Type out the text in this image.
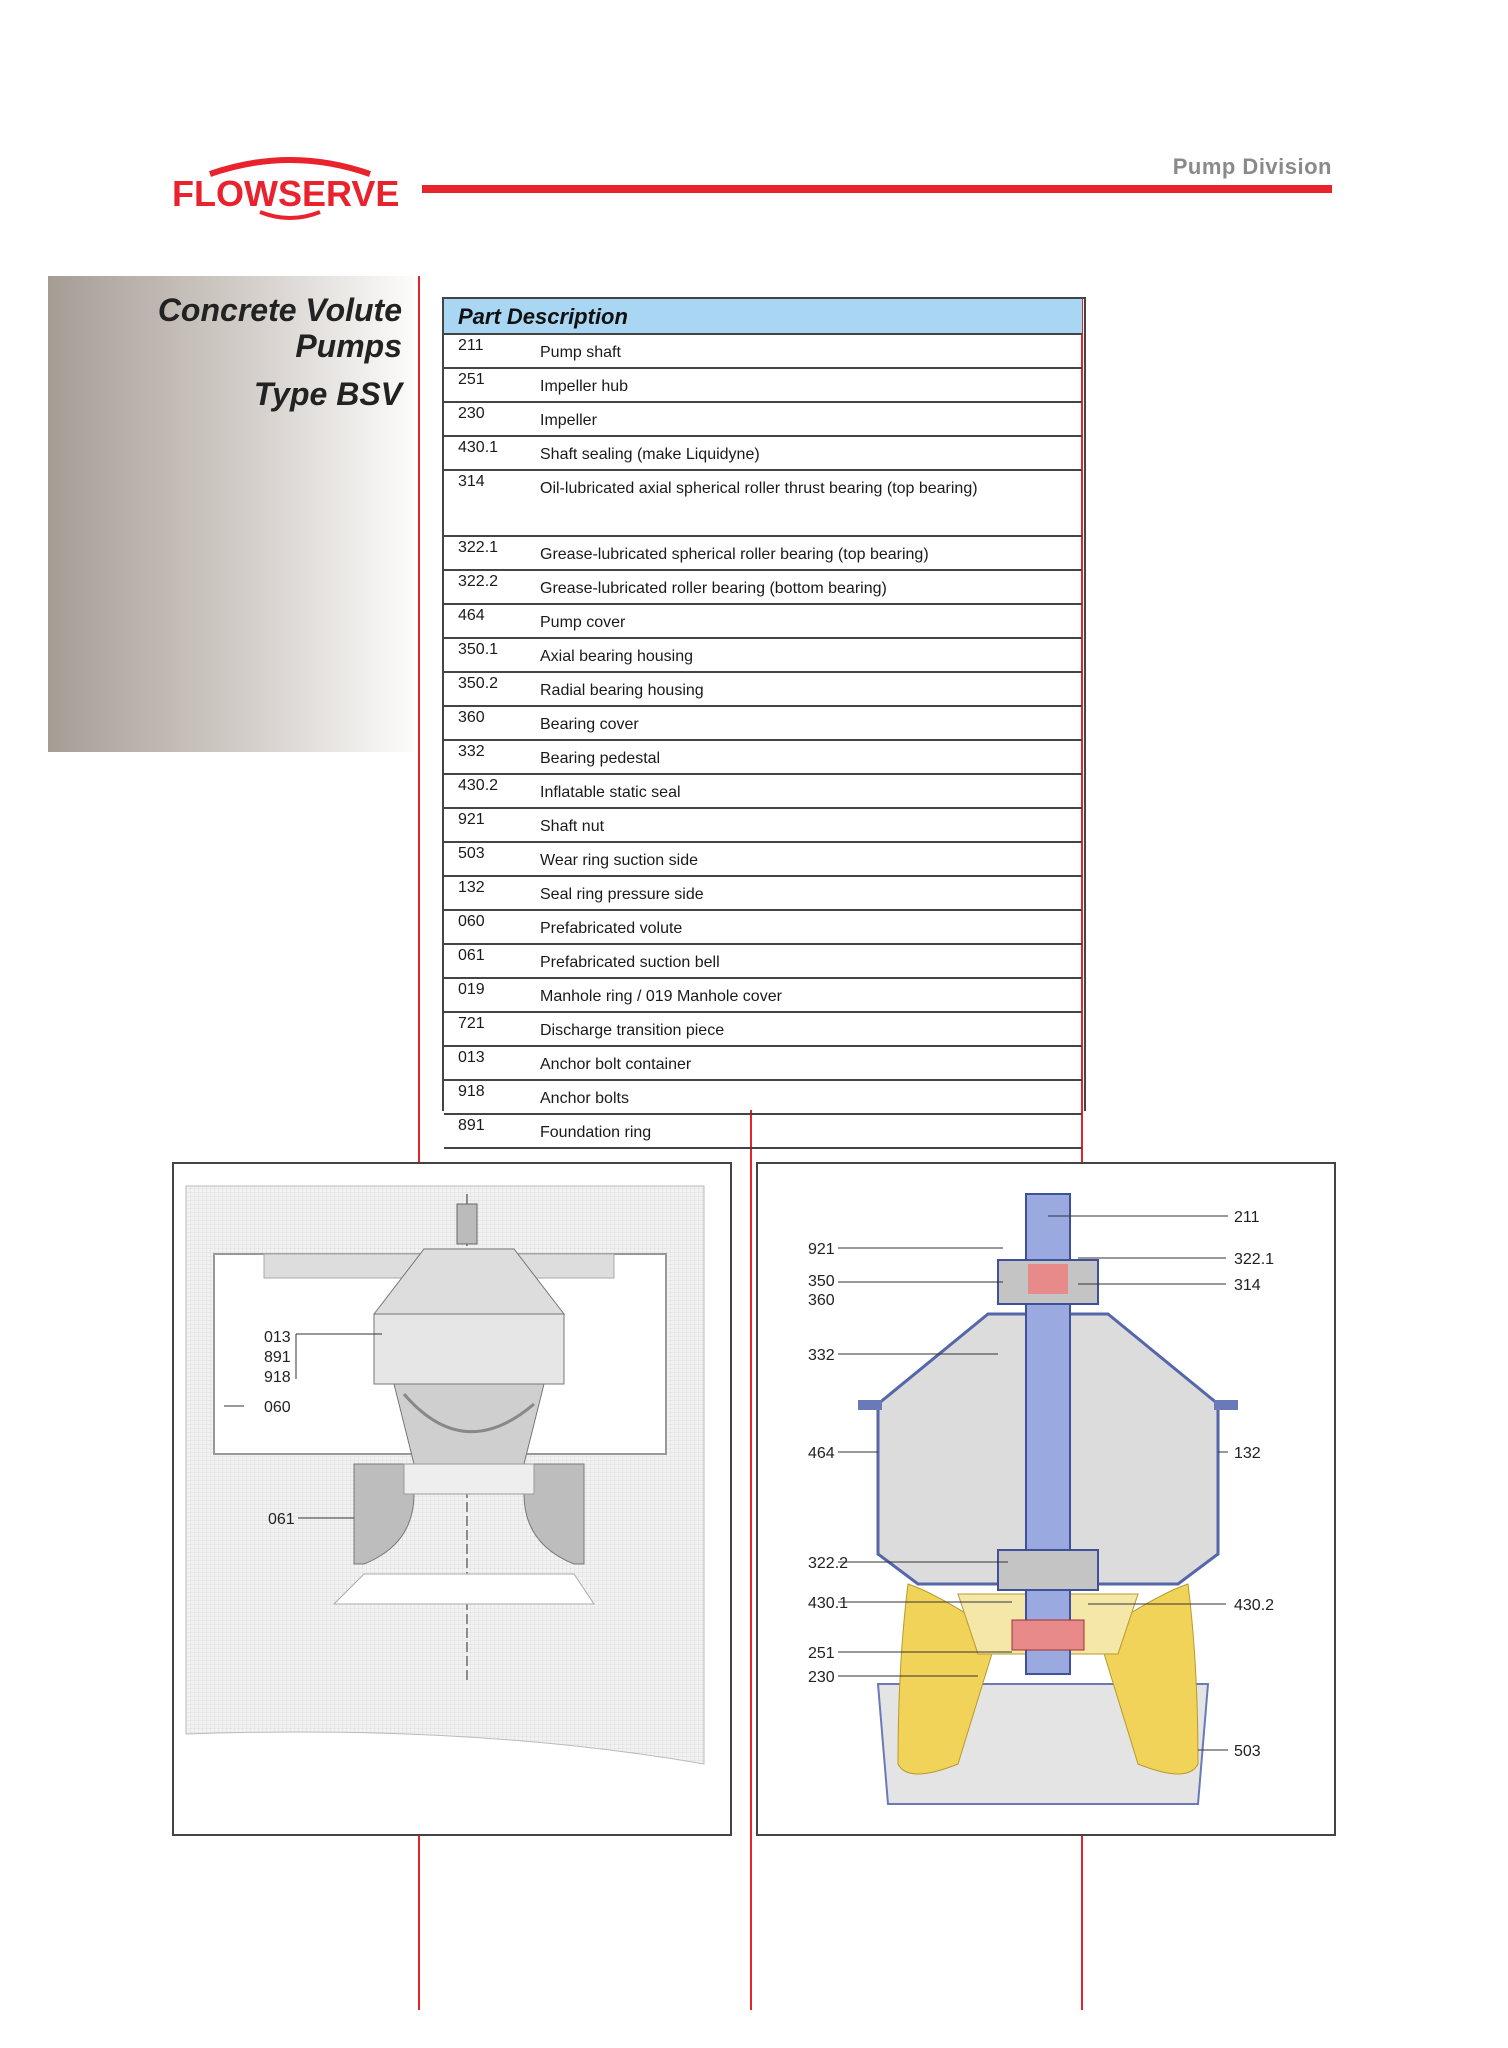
FLOWSERVE
Pump Division
Concrete Volute
Pumps
Type BSV
Part Description
211	Pump shaft
251	Impeller hub
230	Impeller
430.1	Shaft sealing (make Liquidyne)
314	Oil-lubricated axial spherical roller thrust bearing (top bearing)
322.1	Grease-lubricated spherical roller bearing (top bearing)
322.2	Grease-lubricated roller bearing (bottom bearing)
464	Pump cover
350.1	Axial bearing housing
350.2	Radial bearing housing
360	Bearing cover
332	Bearing pedestal
430.2	Inflatable static seal
921	Shaft nut
503	Wear ring suction side
132	Seal ring pressure side
060	Prefabricated volute
061	Prefabricated suction bell
019	Manhole ring / 019 Manhole cover
721	Discharge transition piece
013	Anchor bolt container
918	Anchor bolts
891	Foundation ring
013
891
918
060
061
211
921
322.1
350	314
360
332
464	132
322.2
430.1	430.2
251
230
503
